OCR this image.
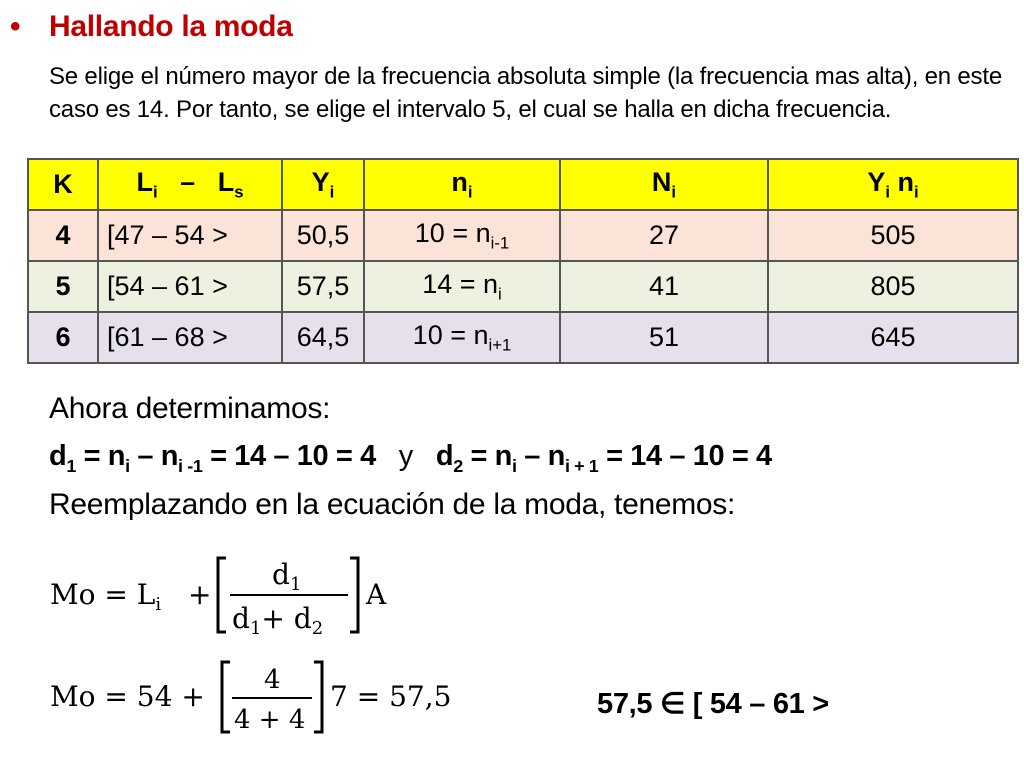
• Hallando la moda
Se elige el número mayor de la frecuencia absoluta simple (la frecuencia mas alta), en este caso es 14. Por tanto, se elige el intervalo 5, el cual se halla en dicha frecuencia.
K	$L_i - L_s$	$Y_i$	$n_i$	$N_i$	$Y_i$ $n_i$
4	[47 – 54 >	50,5	$10 = n_{i-1}$	27	505
5	[54 – 61 >	57,5	$14 = n_i$	41	805
6	[61 – 68 >	64,5	$10 = n_{i+1}$	51	645
Ahora determinamos:
$d_1 = n_i - n_{i -1} = 14 - 10 = 4$ y $d_2 = n_i - n_{i + 1} = 14 - 10 = 4$
Reemplazando en la ecuación de la moda, tenemos:
$Mo = L_i$ +
$d_1$
$d_1+ d_2$
A
Mo = 54 + 4
4 + 4
7 = 57,5	57,5 ∈ [ 54 – 61 >
